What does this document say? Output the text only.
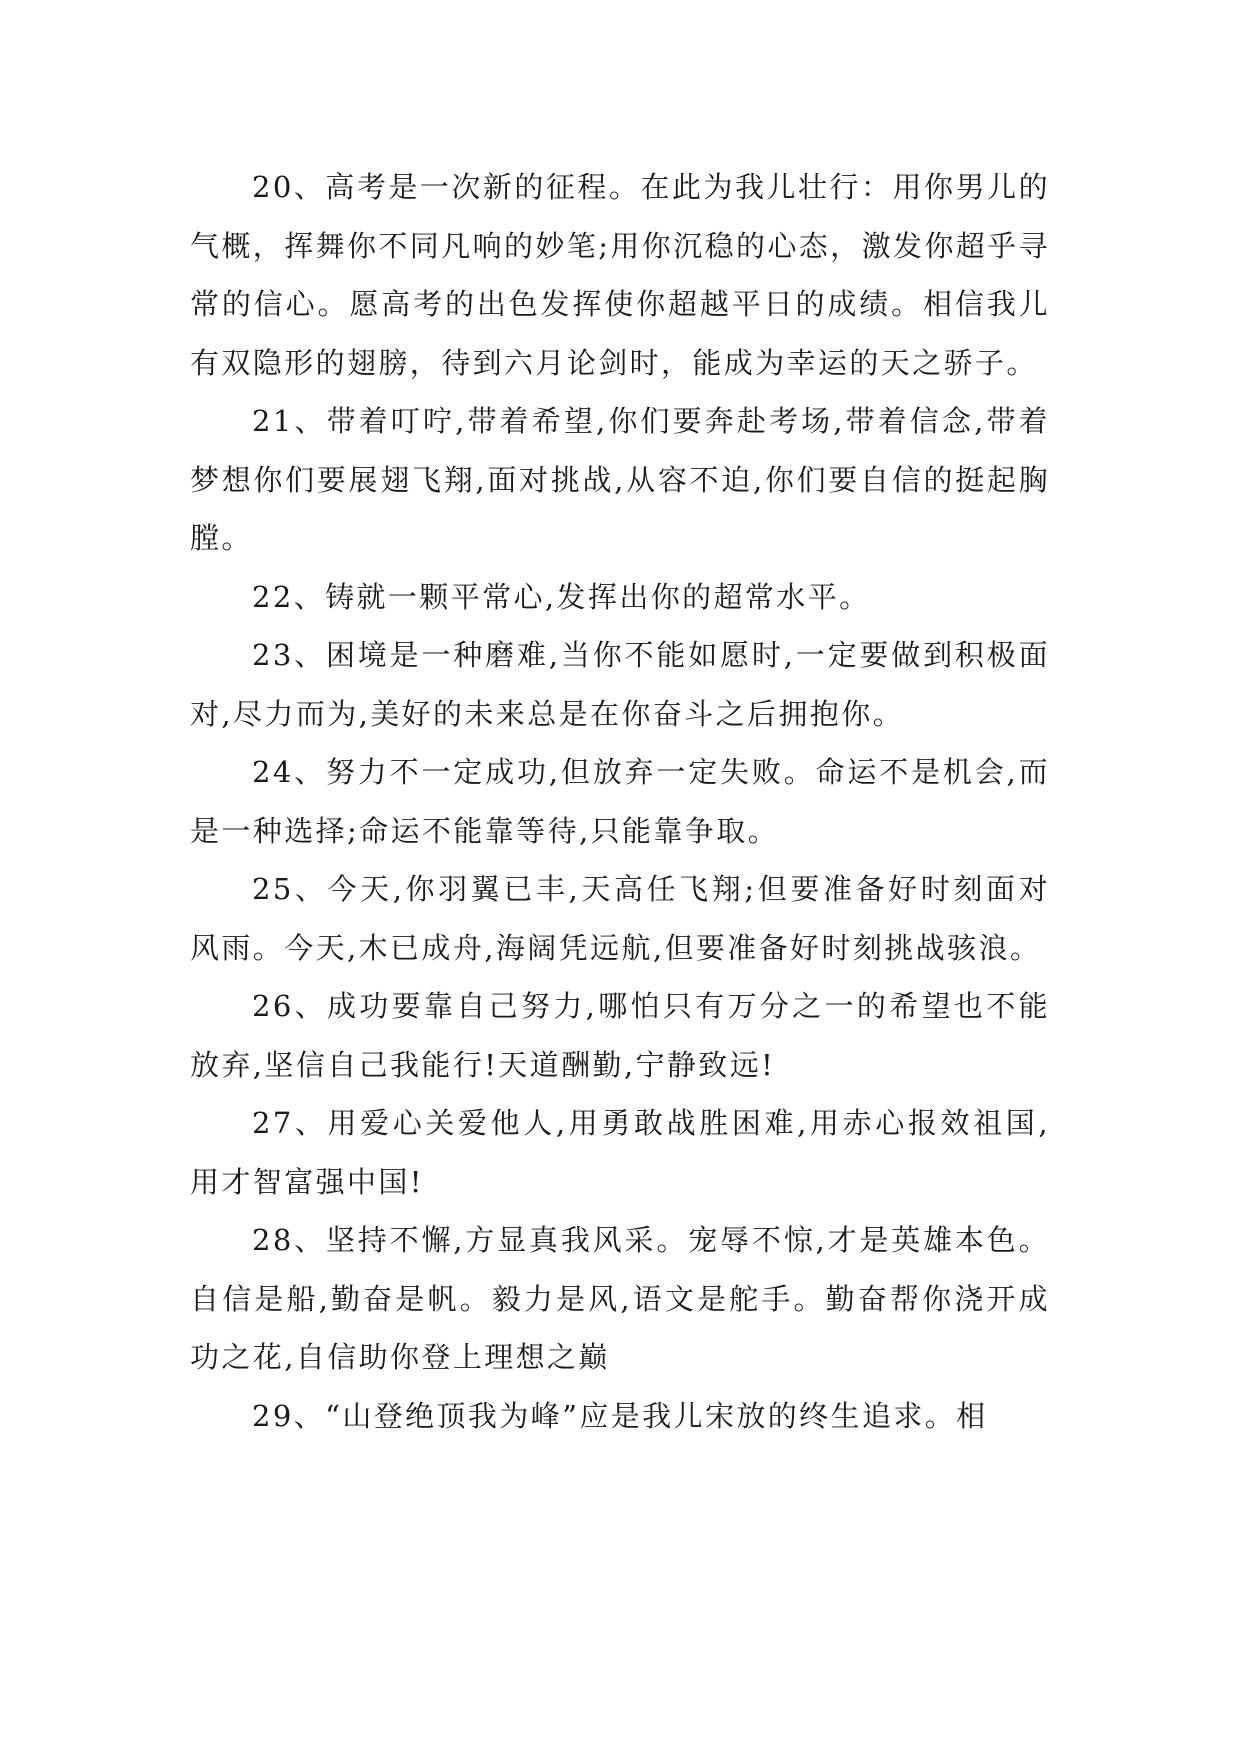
20、高考是一次新的征程。在此为我儿壮行：用你男儿的气概，挥舞你不同凡响的妙笔;用你沉稳的心态，激发你超乎寻常的信心。愿高考的出色发挥使你超越平日的成绩。相信我儿有双隐形的翅膀，待到六月论剑时，能成为幸运的天之骄子。

21、带着叮咛,带着希望,你们要奔赴考场,带着信念,带着梦想你们要展翅飞翔,面对挑战,从容不迫,你们要自信的挺起胸膛。

22、铸就一颗平常心,发挥出你的超常水平。

23、困境是一种磨难,当你不能如愿时,一定要做到积极面对,尽力而为,美好的未来总是在你奋斗之后拥抱你。

24、努力不一定成功,但放弃一定失败。命运不是机会,而是一种选择;命运不能靠等待,只能靠争取。

25、今天,你羽翼已丰,天高任飞翔;但要准备好时刻面对风雨。今天,木已成舟,海阔凭远航,但要准备好时刻挑战骇浪。

26、成功要靠自己努力,哪怕只有万分之一的希望也不能放弃,坚信自己我能行!天道酬勤,宁静致远!

27、用爱心关爱他人,用勇敢战胜困难,用赤心报效祖国,用才智富强中国!

28、坚持不懈,方显真我风采。宠辱不惊,才是英雄本色。自信是船,勤奋是帆。毅力是风,语文是舵手。勤奋帮你浇开成功之花,自信助你登上理想之巅

29、“山登绝顶我为峰”应是我儿宋放的终生追求。相
